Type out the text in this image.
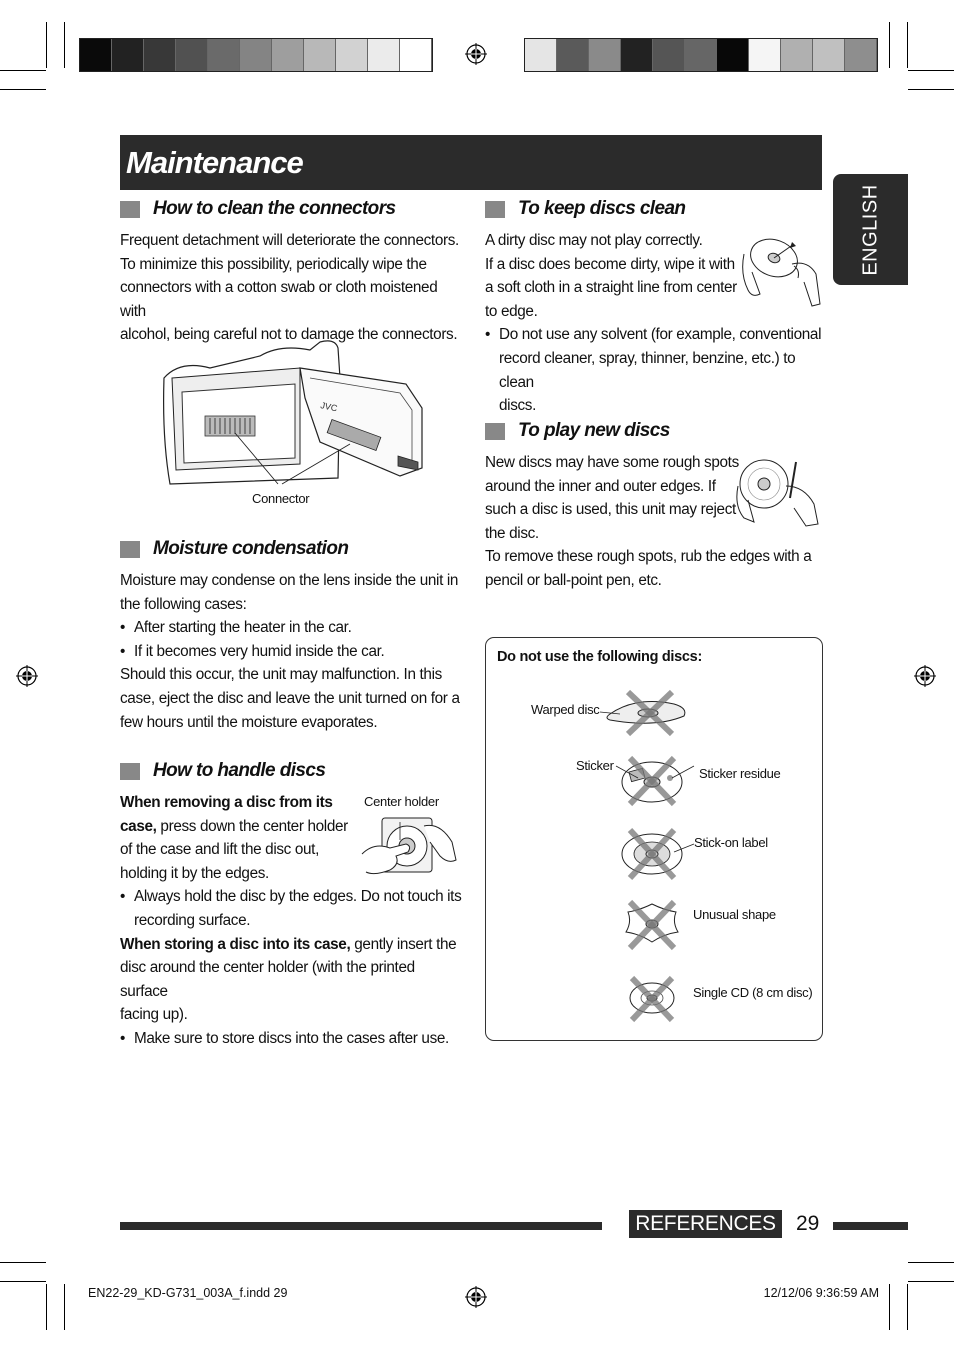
Maintenance
ENGLISH
How to clean the connectors

Frequent detachment will deteriorate the connectors.

To minimize this possibility, periodically wipe the

connectors with a cotton swab or cloth moistened with

alcohol, being careful not to damage the connectors.

JVC
Connector
Moisture condensation

Moisture may condense on the lens inside the unit in

the following cases:

• After starting the heater in the car.
• If it becomes very humid inside the car.

Should this occur, the unit may malfunction. In this

case, eject the disc and leave the unit turned on for a

few hours until the moisture evaporates.

How to handle discs
Center holder

When removing a disc from its

case, press down the center holder

of the case and lift the disc out,

holding it by the edges.

• Always hold the disc by the edges. Do not touch its
recording surface.

When storing a disc into its case, gently insert the

disc around the center holder (with the printed surface

facing up).

• Make sure to store discs into the cases after use.
To keep discs clean

A dirty disc may not play correctly.

If a disc does become dirty, wipe it with

a soft cloth in a straight line from center

to edge.

• Do not use any solvent (for example, conventional
record cleaner, spray, thinner, benzine, etc.) to clean
discs.
To play new discs

New discs may have some rough spots

around the inner and outer edges. If

such a disc is used, this unit may reject

the disc.

To remove these rough spots, rub the edges with a

pencil or ball-point pen, etc.

Do not use the following discs:
Warped disc
Sticker
Sticker residue
Stick-on label
Unusual shape
Single CD (8 cm disc)
REFERENCES 29
EN22-29_KD-G731_003A_f.indd 29	12/12/06 9:36:59 AM
